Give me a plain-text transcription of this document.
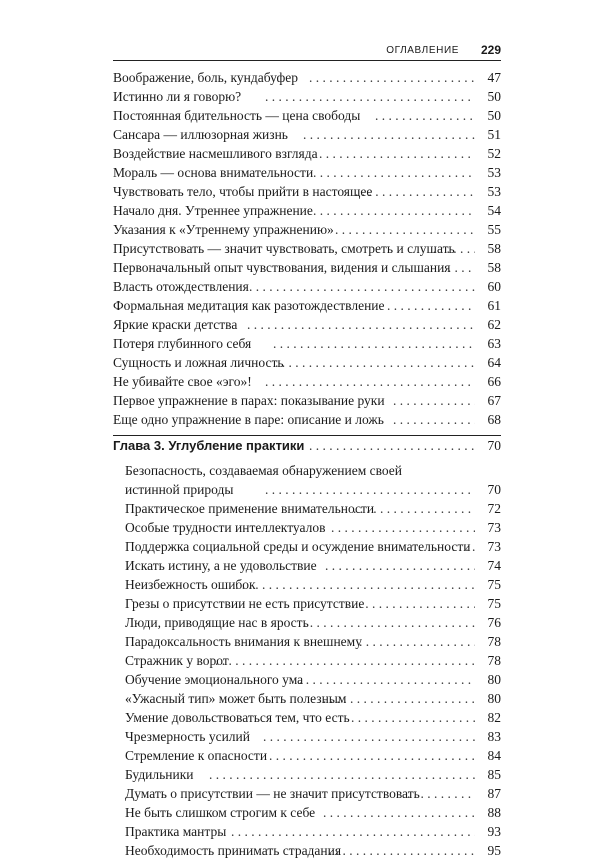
ОГЛАВЛЕНИЕ 229
Воображение, боль, кундабуфер . . .	47
Истинно ли я говорю? . . .	50
Постоянная бдительность — цена свободы . . .	50
Сансара — иллюзорная жизнь . . .	51
Воздействие насмешливого взгляда . . .	52
Мораль — основа внимательности . . .	53
Чувствовать тело, чтобы прийти в настоящее . . .	53
Начало дня. Утреннее упражнение . . .	54
Указания к «Утреннему упражнению» . . .	55
Присутствовать — значит чувствовать, смотреть и слушать . . . 58
Первоначальный опыт чувствования, видения и слышания . . .	58
Власть отождествления . . .	60
Формальная медитация как разотождествление . . .	61
Яркие краски детства . . .	62
Потеря глубинного себя . . .	63
Сущность и ложная личность . . .	64
Не убивайте свое «эго»! . . .	66
Первое упражнение в парах: показывание руки . . .	67
Еще одно упражнение в паре: описание и ложь . . .	68
Глава 3. Углубление практики . . .	70
Безопасность, создаваемая обнаружением своей истинной природы . . .	70
Практическое применение внимательности . . .	72
Особые трудности интеллектуалов . . .	73
Поддержка социальной среды и осуждение внимательности . . . 73
Искать истину, а не удовольствие . . .	74
Неизбежность ошибок . . .	75
Грезы о присутствии не есть присутствие . . .	75
Люди, приводящие нас в ярость . . .	76
Парадоксальность внимания к внешнему . . .	78
Стражник у ворот . . .	78
Обучение эмоционального ума . . .	80
«Ужасный тип» может быть полезным . . .	80
Умение довольствоваться тем, что есть . . .	82
Чрезмерность усилий . . .	83
Стремление к опасности . . .	84
Будильники . . .	85
Думать о присутствии — не значит присутствовать . . .	87
Не быть слишком строгим к себе . . .	88
Практика мантры . . .	93
Необходимость принимать страдания . . .	95
